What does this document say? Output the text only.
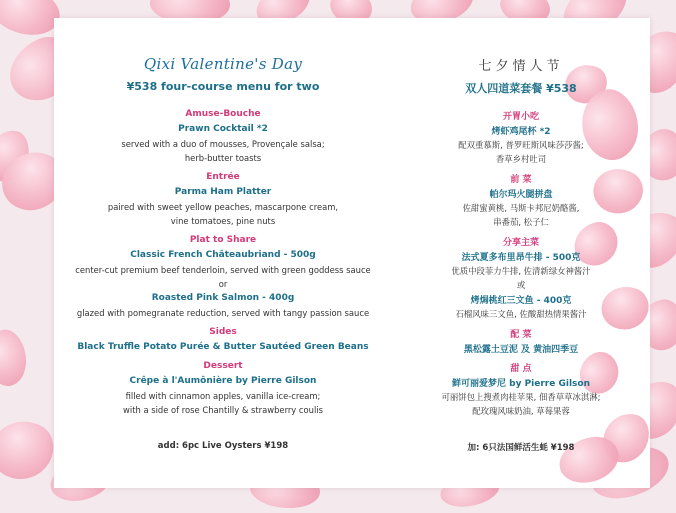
Qixi Valentine's Day
¥538 four-course menu for two
Amuse-Bouche
Prawn Cocktail *2
served with a duo of mousses, Provençale salsa;
herb-butter toasts
Entrée
Parma Ham Platter
paired with sweet yellow peaches, mascarpone cream,
vine tomatoes, pine nuts
Plat to Share
Classic French Châteaubriand - 500g
center-cut premium beef tenderloin, served with green goddess sauce
or
Roasted Pink Salmon - 400g
glazed with pomegranate reduction, served with tangy passion sauce
Sides
Black Truffle Potato Purée & Butter Sautéed Green Beans
Dessert
Crêpe à l'Aumônière by Pierre Gilson
filled with cinnamon apples, vanilla ice-cream;
with a side of rose Chantilly & strawberry coulis
add: 6pc Live Oysters ¥198
七夕情人节
双人四道菜套餐 ¥538
开胃小吃
烤虾鸡尾杯 *2
配双重慕斯, 普罗旺斯风味莎莎酱;
香草乡村吐司
前 菜
帕尔玛火腿拼盘
佐甜蜜黄桃, 马斯卡邦尼奶酪酱,
串番茄, 松子仁
分享主菜
法式夏多布里昂牛排 - 500克
优质中段菲力牛排, 佐清新绿女神酱汁
或
烤焗桃红三文鱼 - 400克
石榴风味三文鱼, 佐酸甜热情果酱汁
配 菜
黑松露土豆泥 及 黄油四季豆
甜 点
鲜可丽爱梦尼 by Pierre Gilson
可丽饼包上搜煮肉桂苹果, 佃香草草冰淇淋;
配玫瑰风味奶油, 草莓果蓉
加: 6只法国鲜活生蚝 ¥198
